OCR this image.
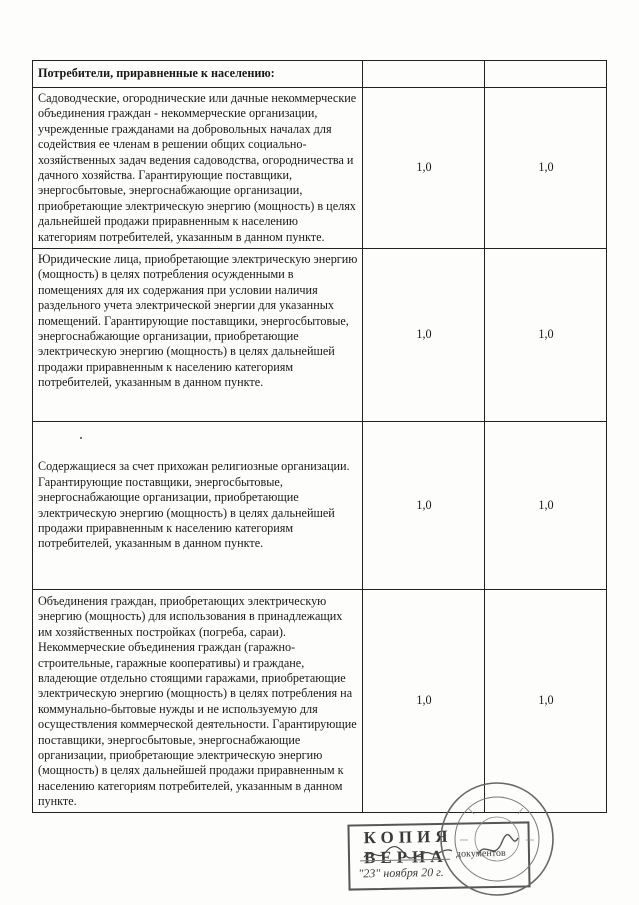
Потребители, приравненные к населению:		
Садоводческие, огороднические или дачные некоммерческие объединения граждан - некоммерческие организации, учрежденные гражданами на добровольных началах для содействия ее членам в решении общих социально-хозяйственных задач ведения садоводства, огородничества и дачного хозяйства. Гарантирующие поставщики, энергосбытовые, энергоснабжающие организации, приобретающие электрическую энергию (мощность) в целях дальнейшей продажи приравненным к населению категориям потребителей, указанным в данном пункте.	1,0	1,0
Юридические лица, приобретающие электрическую энергию (мощность) в целях потребления осужденными в помещениях для их содержания при условии наличия раздельного учета электрической энергии для указанных помещений. Гарантирующие поставщики, энергосбытовые, энергоснабжающие организации, приобретающие электрическую энергию (мощность) в целях дальнейшей продажи приравненным к населению категориям потребителей, указанным в данном пункте.	1,0	1,0
Содержащиеся за счет прихожан религиозные организации. Гарантирующие поставщики, энергосбытовые, энергоснабжающие организации, приобретающие электрическую энергию (мощность) в целях дальнейшей продажи приравненным к населению категориям потребителей, указанным в данном пункте.	1,0	1,0
Объединения граждан, приобретающих электрическую энергию (мощность) для использования в принадлежащих им хозяйственных постройках (погреба, сараи). Некоммерческие объединения граждан (гаражно-строительные, гаражные кооперативы) и граждане, владеющие отдельно стоящими гаражами, приобретающие электрическую энергию (мощность) в целях потребления на коммунально-бытовые нужды и не используемую для осуществления коммерческой деятельности. Гарантирующие поставщики, энергосбытовые, энергоснабжающие организации, приобретающие электрическую энергию (мощность) в целях дальнейшей продажи приравненным к населению категориям потребителей, указанным в данном пункте.	1,0	1,0
КОПИЯ ВЕРНА документов
"23" ноября 20 г.
